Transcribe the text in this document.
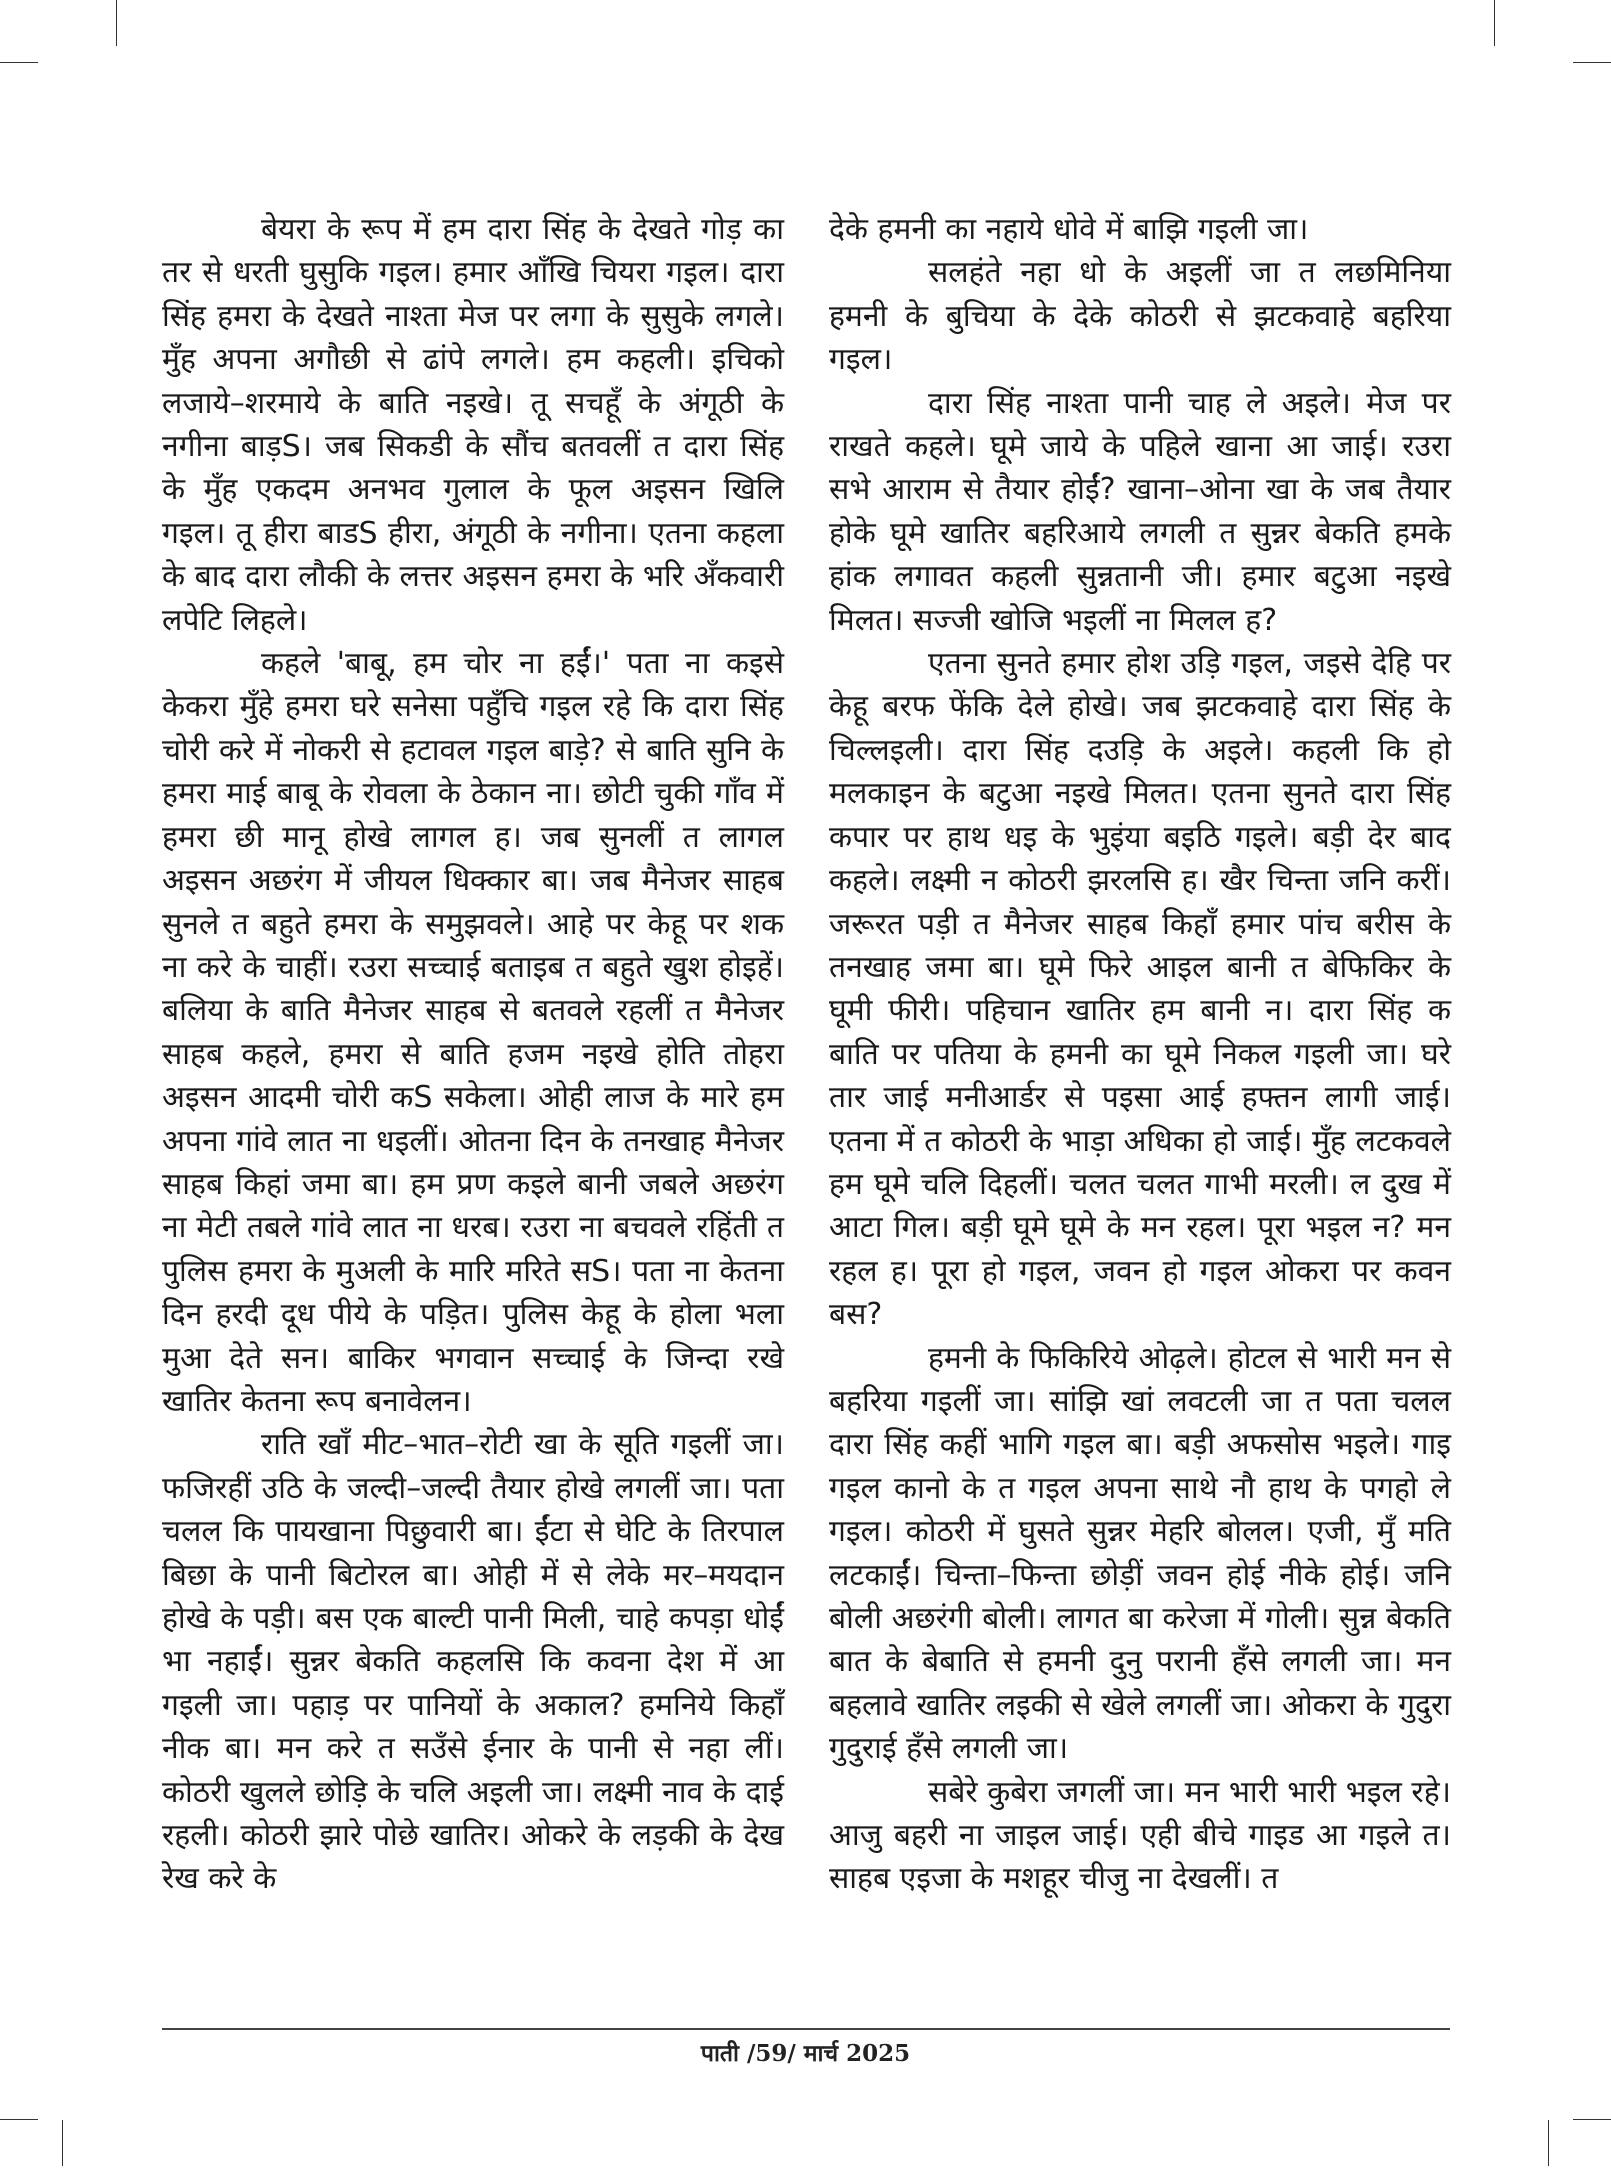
बेयरा के रूप में हम दारा सिंह के देखते गोड़ का तर से धरती घुसुकि गइल। हमार आँखि चियरा गइल। दारा सिंह हमरा के देखते नाश्ता मेज पर लगा के सुसुके लगले। मुँह अपना अगौछी से ढांपे लगले। हम कहली। इचिको लजाये–शरमाये के बाति नइखे। तू सचहूँ के अंगूठी के नगीना बाड़S। जब सिकडी के सौंच बतवलीं त दारा सिंह के मुँह एकदम अनभव गुलाल के फूल अइसन खिलि गइल। तू हीरा बाडS हीरा, अंगूठी के नगीना। एतना कहला के बाद दारा लौकी के लत्तर अइसन हमरा के भरि अँकवारी लपेटि लिहले।

कहले 'बाबू, हम चोर ना हईं।' पता ना कइसे केकरा मुँहे हमरा घरे सनेसा पहुँचि गइल रहे कि दारा सिंह चोरी करे में नोकरी से हटावल गइल बाड़े? से बाति सुनि के हमरा माई बाबू के रोवला के ठेकान ना। छोटी चुकी गाँव में हमरा छी मानू होखे लागल ह। जब सुनलीं त लागल अइसन अछरंग में जीयल धिक्कार बा। जब मैनेजर साहब सुनले त बहुते हमरा के समुझवले। आहे पर केहू पर शक ना करे के चाहीं। रउरा सच्चाई बताइब त बहुते खुश होइहें। बलिया के बाति मैनेजर साहब से बतवले रहलीं त मैनेजर साहब कहले, हमरा से बाति हजम नइखे होति तोहरा अइसन आदमी चोरी कS सकेला। ओही लाज के मारे हम अपना गांवे लात ना धइलीं। ओतना दिन के तनखाह मैनेजर साहब किहां जमा बा। हम प्रण कइले बानी जबले अछरंग ना मेटी तबले गांवे लात ना धरब। रउरा ना बचवले रहिंती त पुलिस हमरा के मुअली के मारि मरिते सS। पता ना केतना दिन हरदी दूध पीये के पड़ित। पुलिस केहू के होला भला मुआ देते सन। बाकिर भगवान सच्चाई के जिन्दा रखे खातिर केतना रूप बनावेलन।

राति खाँ मीट–भात–रोटी खा के सूति गइलीं जा। फजिरहीं उठि के जल्दी–जल्दी तैयार होखे लगलीं जा। पता चलल कि पायखाना पिछुवारी बा। ईंटा से घेटि के तिरपाल बिछा के पानी बिटोरल बा। ओही में से लेके मर–मयदान होखे के पड़ी। बस एक बाल्टी पानी मिली, चाहे कपड़ा धोईं भा नहाईं। सुन्नर बेकति कहलसि कि कवना देश में आ गइली जा। पहाड़ पर पानियों के अकाल? हमनिये किहाँ नीक बा। मन करे त सउँसे ईनार के पानी से नहा लीं। कोठरी खुलले छोड़ि के चलि अइली जा। लक्ष्मी नाव के दाई रहली। कोठरी झारे पोछे खातिर। ओकरे के लड़की के देख रेख करे के

देके हमनी का नहाये धोवे में बाझि गइली जा।

सलहंते नहा धो के अइलीं जा त लछमिनिया हमनी के बुचिया के देके कोठरी से झटकवाहे बहरिया गइल।

दारा सिंह नाश्ता पानी चाह ले अइले। मेज पर राखते कहले। घूमे जाये के पहिले खाना आ जाई। रउरा सभे आराम से तैयार होईं? खाना–ओना खा के जब तैयार होके घूमे खातिर बहरिआये लगली त सुन्नर बेकति हमके हांक लगावत कहली सुन्नतानी जी। हमार बटुआ नइखे मिलत। सज्जी खोजि भइलीं ना मिलल ह?

एतना सुनते हमार होश उड़ि गइल, जइसे देहि पर केहू बरफ फेंकि देले होखे। जब झटकवाहे दारा सिंह के चिल्लइली। दारा सिंह दउड़ि के अइले। कहली कि हो मलकाइन के बटुआ नइखे मिलत। एतना सुनते दारा सिंह कपार पर हाथ धइ के भुइंया बइठि गइले। बड़ी देर बाद कहले। लक्ष्मी न कोठरी झरलसि ह। खैर चिन्ता जनि करीं। जरूरत पड़ी त मैनेजर साहब किहाँ हमार पांच बरीस के तनखाह जमा बा। घूमे फिरे आइल बानी त बेफिकिर के घूमी फीरी। पहिचान खातिर हम बानी न। दारा सिंह क बाति पर पतिया के हमनी का घूमे निकल गइली जा। घरे तार जाई मनीआर्डर से पइसा आई हफ्तन लागी जाई। एतना में त कोठरी के भाड़ा अधिका हो जाई। मुँह लटकवले हम घूमे चलि दिहलीं। चलत चलत गाभी मरली। ल दुख में आटा गिल। बड़ी घूमे घूमे के मन रहल। पूरा भइल न? मन रहल ह। पूरा हो गइल, जवन हो गइल ओकरा पर कवन बस?

हमनी के फिकिरिये ओढ़ले। होटल से भारी मन से बहरिया गइलीं जा। सांझि खां लवटली जा त पता चलल दारा सिंह कहीं भागि गइल बा। बड़ी अफसोस भइले। गाइ गइल कानो के त गइल अपना साथे नौ हाथ के पगहो ले गइल। कोठरी में घुसते सुन्नर मेहरि बोलल। एजी, मुँ मति लटकाईं। चिन्ता–फिन्ता छोड़ीं जवन होई नीके होई। जनि बोली अछरंगी बोली। लागत बा करेजा में गोली। सुन्न बेकति बात के बेबाति से हमनी दुनु परानी हँसे लगली जा। मन बहलावे खातिर लइकी से खेले लगलीं जा। ओकरा के गुदुरा गुदुराई हँसे लगली जा।

सबेरे कुबेरा जगलीं जा। मन भारी भारी भइल रहे। आजु बहरी ना जाइल जाई। एही बीचे गाइड आ गइले त। साहब एइजा के मशहूर चीजु ना देखलीं। त

पाती /59/ मार्च 2025
